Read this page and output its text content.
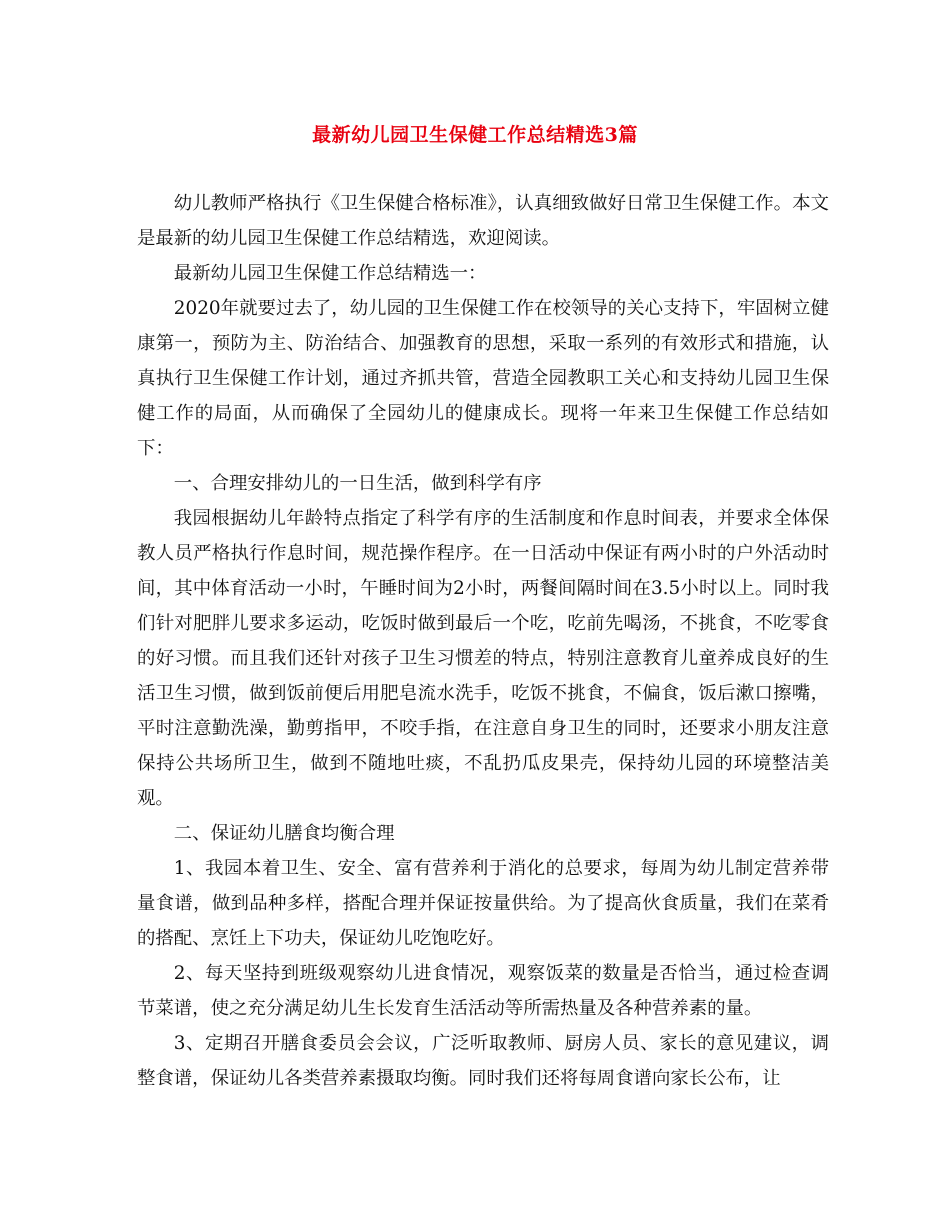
最新幼儿园卫生保健工作总结精选3篇

幼儿教师严格执行《卫生保健合格标准》，认真细致做好日常卫生保健工作。本文是最新的幼儿园卫生保健工作总结精选，欢迎阅读。

最新幼儿园卫生保健工作总结精选一：

2020年就要过去了，幼儿园的卫生保健工作在校领导的关心支持下，牢固树立健康第一，预防为主、防治结合、加强教育的思想，采取一系列的有效形式和措施，认真执行卫生保健工作计划，通过齐抓共管，营造全园教职工关心和支持幼儿园卫生保健工作的局面，从而确保了全园幼儿的健康成长。现将一年来卫生保健工作总结如下：

一、合理安排幼儿的一日生活，做到科学有序

我园根据幼儿年龄特点指定了科学有序的生活制度和作息时间表，并要求全体保教人员严格执行作息时间，规范操作程序。在一日活动中保证有两小时的户外活动时间，其中体育活动一小时，午睡时间为2小时，两餐间隔时间在3.5小时以上。同时我们针对肥胖儿要求多运动，吃饭时做到最后一个吃，吃前先喝汤，不挑食，不吃零食的好习惯。而且我们还针对孩子卫生习惯差的特点，特别注意教育儿童养成良好的生活卫生习惯，做到饭前便后用肥皂流水洗手，吃饭不挑食，不偏食，饭后漱口擦嘴，平时注意勤洗澡，勤剪指甲，不咬手指，在注意自身卫生的同时，还要求小朋友注意保持公共场所卫生，做到不随地吐痰，不乱扔瓜皮果壳，保持幼儿园的环境整洁美观。

二、保证幼儿膳食均衡合理

1、我园本着卫生、安全、富有营养利于消化的总要求，每周为幼儿制定营养带量食谱，做到品种多样，搭配合理并保证按量供给。为了提高伙食质量，我们在菜肴的搭配、烹饪上下功夫，保证幼儿吃饱吃好。

2、每天坚持到班级观察幼儿进食情况，观察饭菜的数量是否恰当，通过检查调节菜谱，使之充分满足幼儿生长发育生活活动等所需热量及各种营养素的量。

3、定期召开膳食委员会会议，广泛听取教师、厨房人员、家长的意见建议，调整食谱，保证幼儿各类营养素摄取均衡。同时我们还将每周食谱向家长公布，让
